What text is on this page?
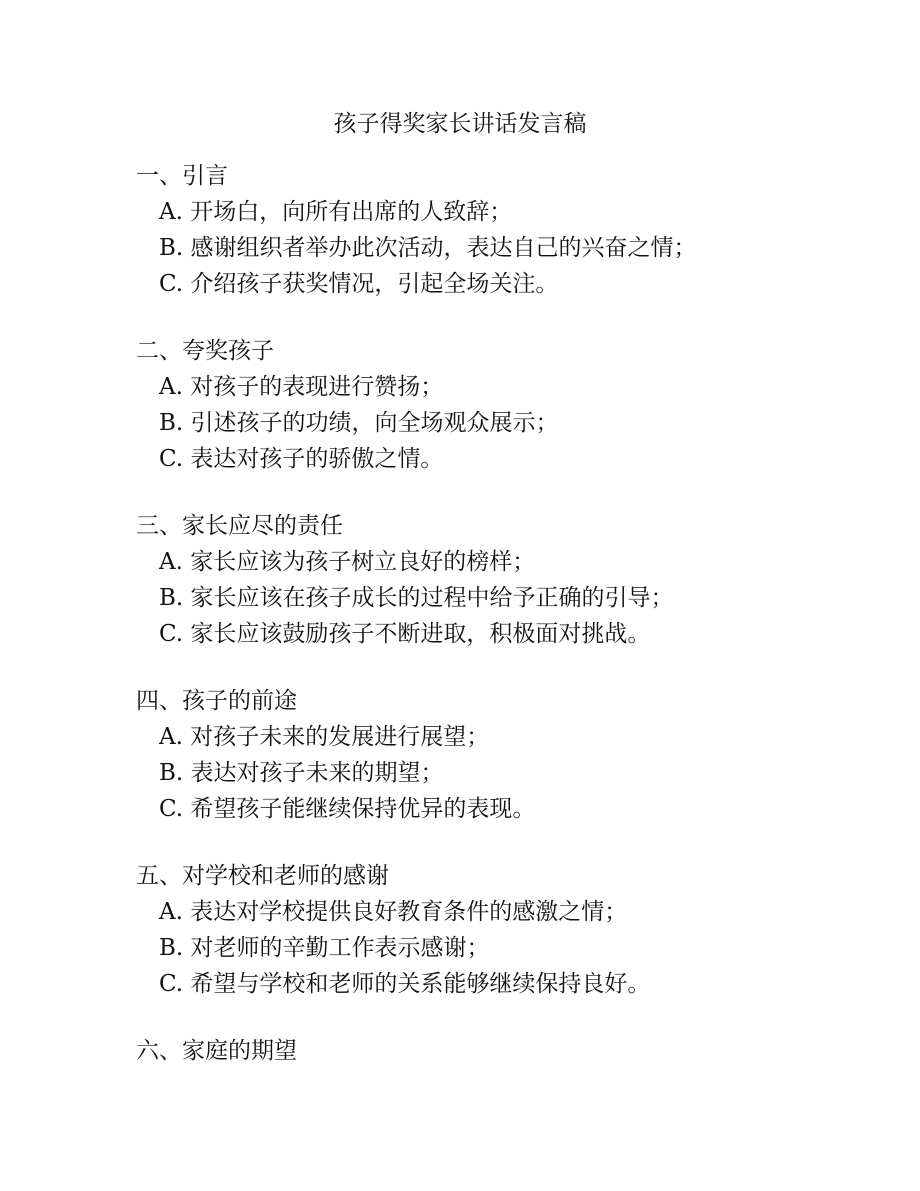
孩子得奖家长讲话发言稿
一、引言
A. 开场白，向所有出席的人致辞；
B. 感谢组织者举办此次活动，表达自己的兴奋之情；
C. 介绍孩子获奖情况，引起全场关注。
二、夸奖孩子
A. 对孩子的表现进行赞扬；
B. 引述孩子的功绩，向全场观众展示；
C. 表达对孩子的骄傲之情。
三、家长应尽的责任
A. 家长应该为孩子树立良好的榜样；
B. 家长应该在孩子成长的过程中给予正确的引导；
C. 家长应该鼓励孩子不断进取，积极面对挑战。
四、孩子的前途
A. 对孩子未来的发展进行展望；
B. 表达对孩子未来的期望；
C. 希望孩子能继续保持优异的表现。
五、对学校和老师的感谢
A. 表达对学校提供良好教育条件的感激之情；
B. 对老师的辛勤工作表示感谢；
C. 希望与学校和老师的关系能够继续保持良好。
六、家庭的期望
